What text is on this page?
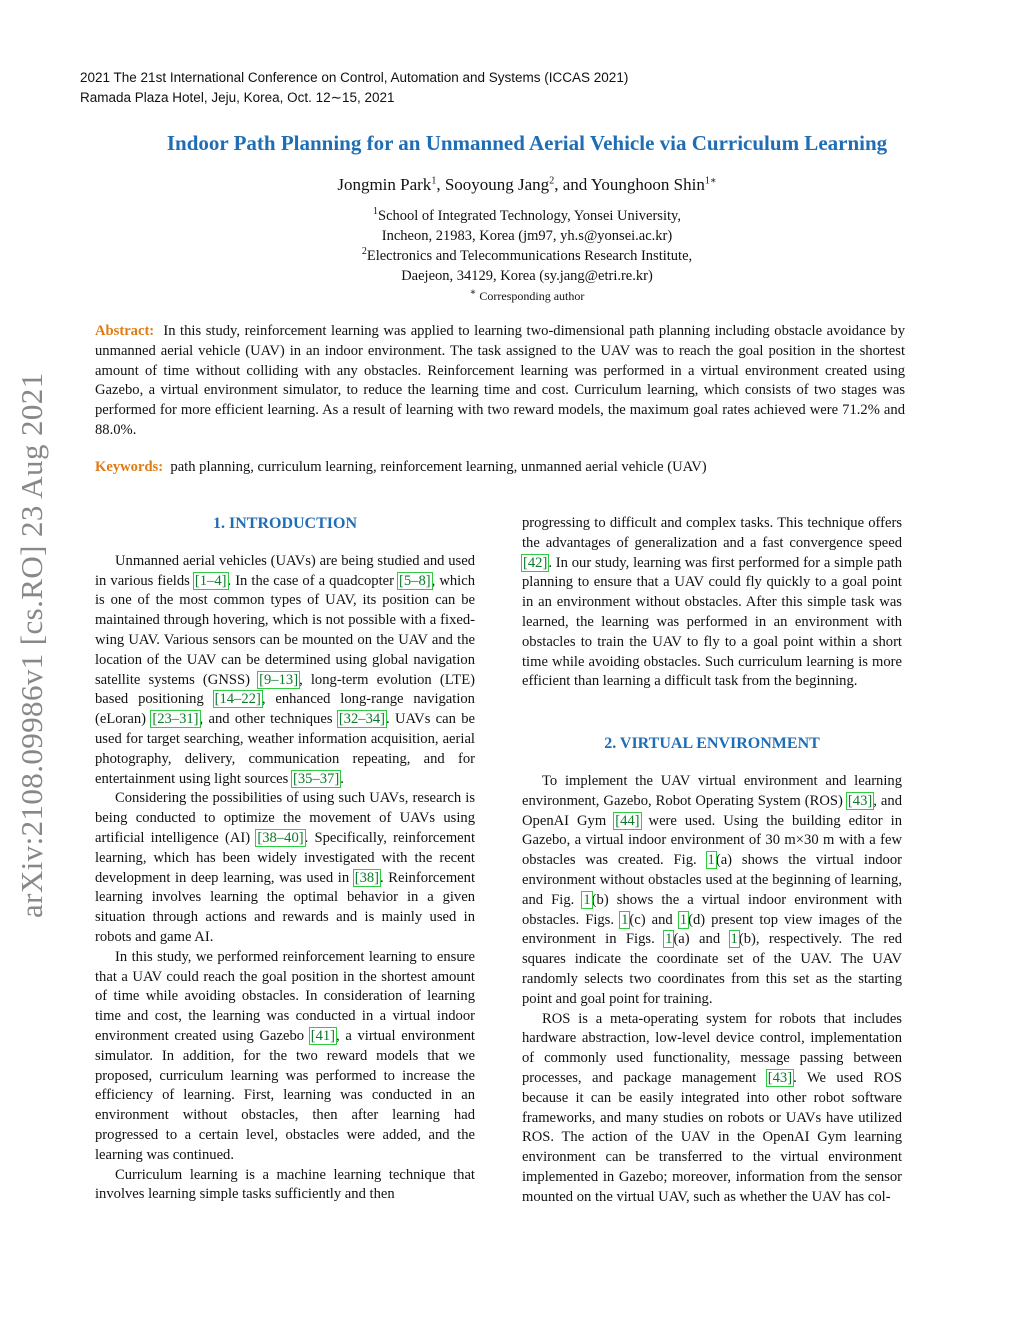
2021 The 21st International Conference on Control, Automation and Systems (ICCAS 2021)
Ramada Plaza Hotel, Jeju, Korea, Oct. 12∼15, 2021
arXiv:2108.09986v1 [cs.RO] 23 Aug 2021
Indoor Path Planning for an Unmanned Aerial Vehicle via Curriculum Learning
Jongmin Park$^1$, Sooyoung Jang$^2$, and Younghoon Shin$^{1∗}$
$^1$School of Integrated Technology, Yonsei University,
Incheon, 21983, Korea (jm97, yh.s@yonsei.ac.kr)
$^2$Electronics and Telecommunications Research Institute,
Daejeon, 34129, Korea (sy.jang@etri.re.kr)
∗ Corresponding author
Abstract: In this study, reinforcement learning was applied to learning two-dimensional path planning including obstacle avoidance by unmanned aerial vehicle (UAV) in an indoor environment. The task assigned to the UAV was to reach the goal position in the shortest amount of time without colliding with any obstacles. Reinforcement learning was performed in a virtual environment created using Gazebo, a virtual environment simulator, to reduce the learning time and cost. Curriculum learning, which consists of two stages was performed for more efficient learning. As a result of learning with two reward models, the maximum goal rates achieved were 71.2% and 88.0%.
Keywords: path planning, curriculum learning, reinforcement learning, unmanned aerial vehicle (UAV)
1. INTRODUCTION

Unmanned aerial vehicles (UAVs) are being studied and used in various fields [1–4]. In the case of a quadcopter [5–8], which is one of the most common types of UAV, its position can be maintained through hovering, which is not possible with a fixed-wing UAV. Various sensors can be mounted on the UAV and the location of the UAV can be determined using global navigation satellite systems (GNSS) [9–13], long-term evolution (LTE) based positioning [14–22], enhanced long-range navigation (eLoran) [23–31], and other techniques [32–34]. UAVs can be used for target searching, weather information acquisition, aerial photography, delivery, communication repeating, and for entertainment using light sources [35–37].

Considering the possibilities of using such UAVs, research is being conducted to optimize the movement of UAVs using artificial intelligence (AI) [38–40]. Specifically, reinforcement learning, which has been widely investigated with the recent development in deep learning, was used in [38]. Reinforcement learning involves learning the optimal behavior in a given situation through actions and rewards and is mainly used in robots and game AI.

In this study, we performed reinforcement learning to ensure that a UAV could reach the goal position in the shortest amount of time while avoiding obstacles. In consideration of learning time and cost, the learning was conducted in a virtual indoor environment created using Gazebo [41], a virtual environment simulator. In addition, for the two reward models that we proposed, curriculum learning was performed to increase the efficiency of learning. First, learning was conducted in an environment without obstacles, then after learning had progressed to a certain level, obstacles were added, and the learning was continued.

Curriculum learning is a machine learning technique that involves learning simple tasks sufficiently and then

progressing to difficult and complex tasks. This technique offers the advantages of generalization and a fast convergence speed [42]. In our study, learning was first performed for a simple path planning to ensure that a UAV could fly quickly to a goal point in an environment without obstacles. After this simple task was learned, the learning was performed in an environment with obstacles to train the UAV to fly to a goal point within a short time while avoiding obstacles. Such curriculum learning is more efficient than learning a difficult task from the beginning.

2. VIRTUAL ENVIRONMENT

To implement the UAV virtual environment and learning environment, Gazebo, Robot Operating System (ROS) [43], and OpenAI Gym [44] were used. Using the building editor in Gazebo, a virtual indoor environment of 30 m×30 m with a few obstacles was created. Fig. 1(a) shows the virtual indoor environment without obstacles used at the beginning of learning, and Fig. 1(b) shows the a virtual indoor environment with obstacles. Figs. 1(c) and 1(d) present top view images of the environment in Figs. 1(a) and 1(b), respectively. The red squares indicate the coordinate set of the UAV. The UAV randomly selects two coordinates from this set as the starting point and goal point for training.

ROS is a meta-operating system for robots that includes hardware abstraction, low-level device control, implementation of commonly used functionality, message passing between processes, and package management [43]. We used ROS because it can be easily integrated into other robot software frameworks, and many studies on robots or UAVs have utilized ROS. The action of the UAV in the OpenAI Gym learning environment can be transferred to the virtual environment implemented in Gazebo; moreover, information from the sensor mounted on the virtual UAV, such as whether the UAV has col-
